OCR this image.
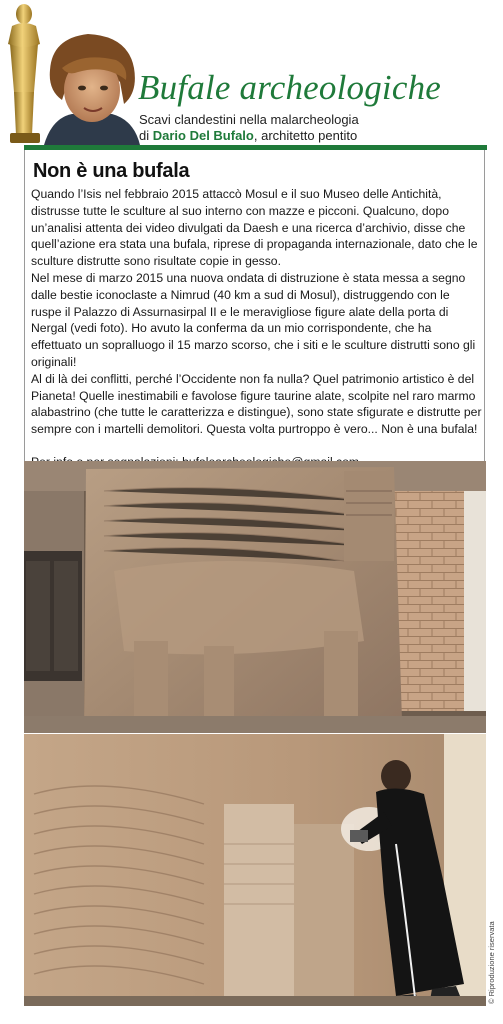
Bufale archeologiche
Scavi clandestini nella malarcheologia
di Dario Del Bufalo, architetto pentito
Non è una bufala

Quando l’Isis nel febbraio 2015 attaccò Mosul e il suo Museo delle Antichità, distrusse tutte le sculture al suo interno con mazze e picconi. Qualcuno, dopo un’analisi attenta dei video divulgati da Daesh e una ricerca d’archivio, disse che quell’azione era stata una bufala, riprese di propaganda internazionale, dato che le sculture distrutte sono risultate copie in gesso.

Nel mese di marzo 2015 una nuova ondata di distruzione è stata messa a segno dalle bestie iconoclaste a Nimrud (40 km a sud di Mosul), distruggendo con le ruspe il Palazzo di Assurnasirpal II e le meravigliose figure alate della porta di Nergal (vedi foto). Ho avuto la conferma da un mio corrispondente, che ha effettuato un sopralluogo il 15 marzo scorso, che i siti e le sculture distrutti sono gli originali!

Al di là dei conflitti, perché l’Occidente non fa nulla? Quel patrimonio artistico è del Pianeta! Quelle inestimabili e favolose figure taurine alate, scolpite nel raro marmo alabastrino (che tutte le caratterizza e distingue), sono state sfigurate e distrutte per sempre con i martelli demolitori. Questa volta purtroppo è vero... Non è una bufala!

© Riproduzione riservata
